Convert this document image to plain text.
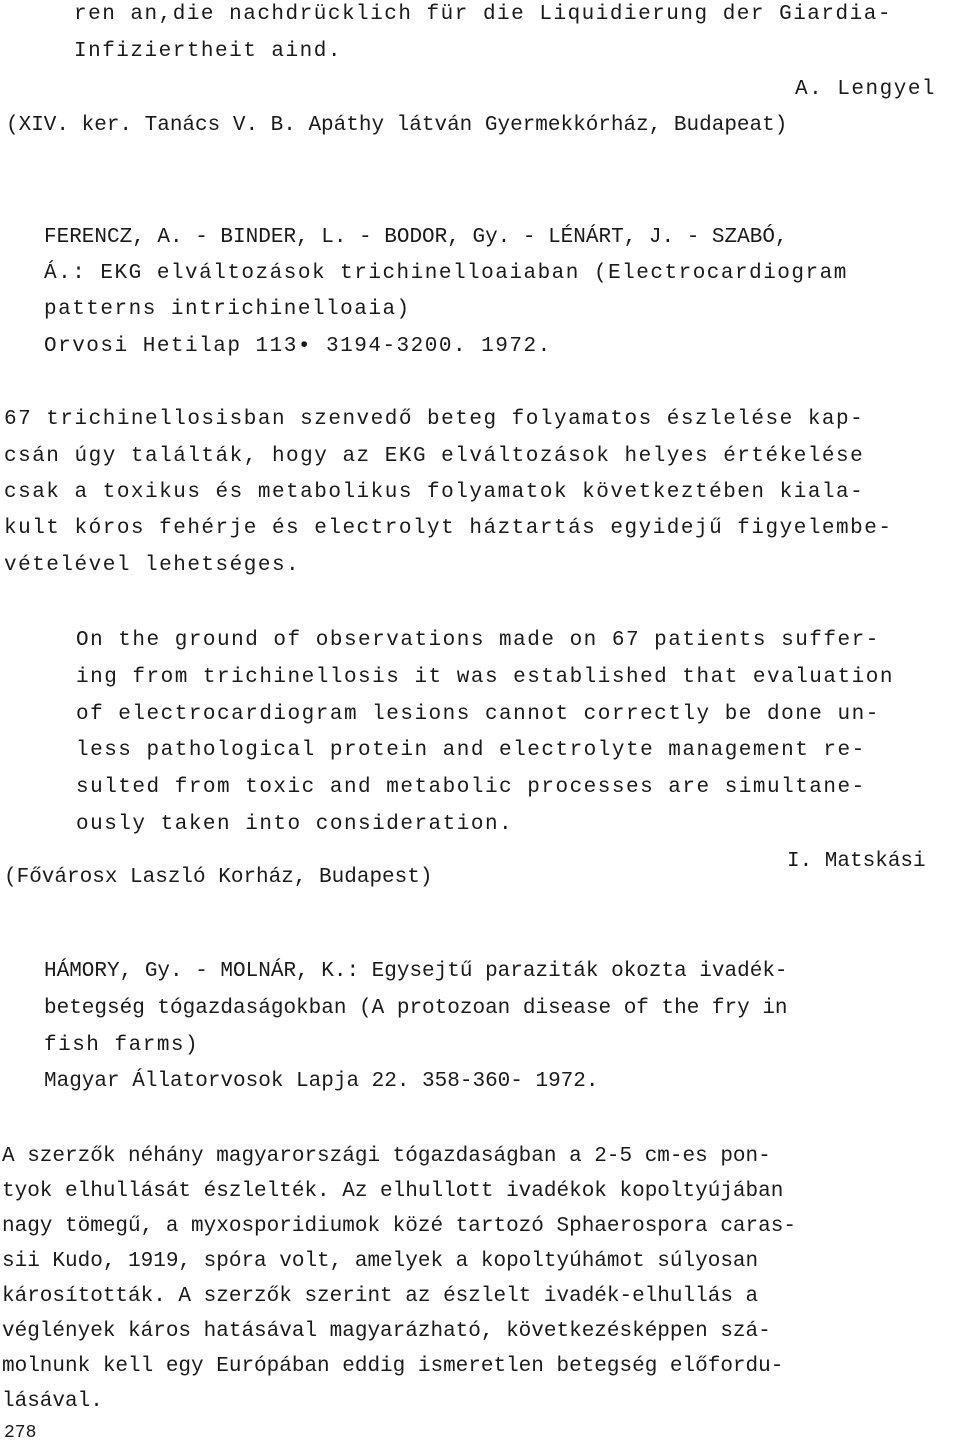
ren an,die nachdrücklich für die Liquidierung der Giardia-
Infiziertheit aind.
A. Lengyel
(XIV. ker. Tanács V. B. Apáthy látván Gyermekkórház, Budapeat)
FERENCZ, A. - BINDER, L. - BODOR, Gy. - LÉNÁRT, J. - SZABÓ,
Á.: EKG elváltozások trichinelloaiaban (Electrocardiogram
patterns intrichinelloaia)
Orvosi Hetilap 113• 3194-3200. 1972.
67 trichinellosisban szenvedő beteg folyamatos észlelése kap-
csán úgy találták, hogy az EKG elváltozások helyes értékelése
csak a toxikus és metabolikus folyamatok következtében kiala-
kult kóros fehérje és electrolyt háztartás egyidejű figyelembe-
vételével lehetséges.
On the ground of observations made on 67 patients suffer-
ing from trichinellosis it was established that evaluation
of electrocardiogram lesions cannot correctly be done un-
less pathological protein and electrolyte management re-
sulted from toxic and metabolic processes are simultane-
ously taken into consideration.
I. Matskási
(Fővárosx Laszló Korház, Budapest)
HÁMORY, Gy. - MOLNÁR, K.: Egysejtű paraziták okozta ivadék-
betegség tógazdaságokban (A protozoan disease of the fry in
fish farms)
Magyar Állatorvosok Lapja 22. 358-360- 1972.
A szerzők néhány magyarországi tógazdaságban a 2-5 cm-es pon-
tyok elhullását észlelték. Az elhullott ivadékok kopoltyújában
nagy tömegű, a myxosporidiumok közé tartozó Sphaerospora caras-
sii Kudo, 1919, spóra volt, amelyek a kopoltyúhámot súlyosan
károsították. A szerzők szerint az észlelt ivadék-elhullás a
véglények káros hatásával magyarázható, következésképpen szá-
molnunk kell egy Európában eddig ismeretlen betegség előfordu-
lásával.
278
